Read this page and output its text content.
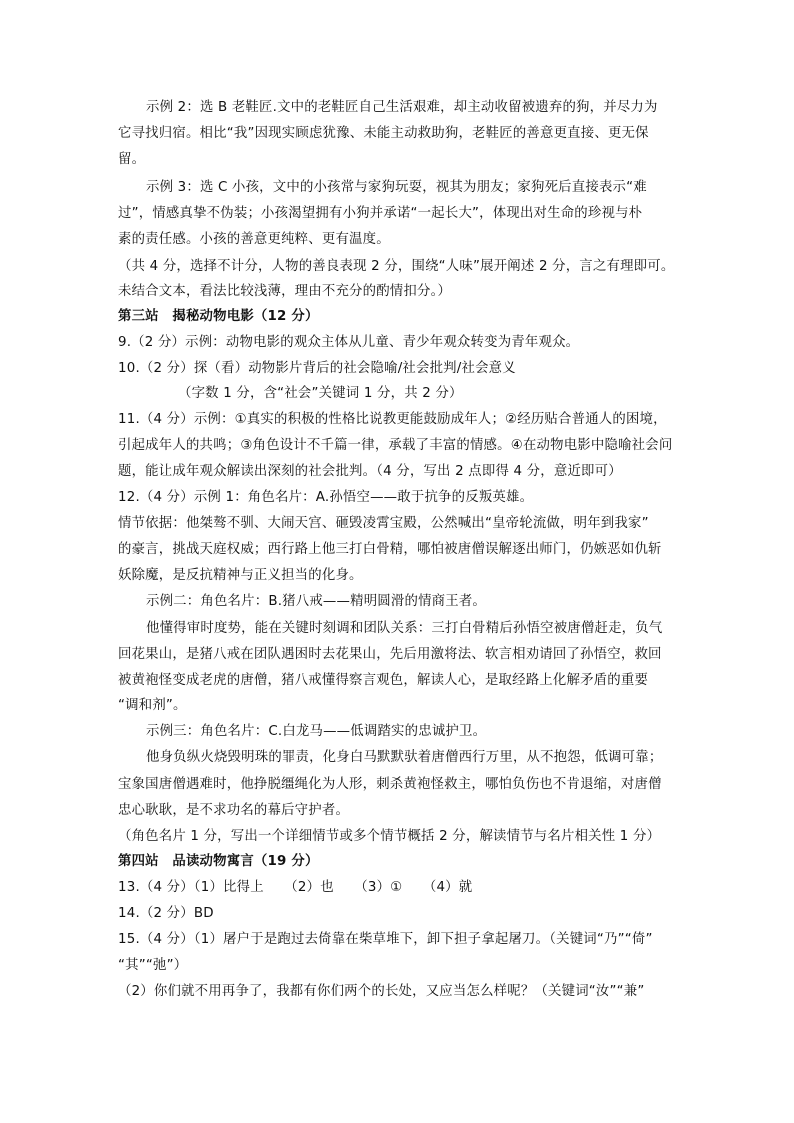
示例 2：选 B 老鞋匠.文中的老鞋匠自己生活艰难，却主动收留被遗弃的狗，并尽力为
它寻找归宿。相比“我”因现实顾虑犹豫、未能主动救助狗，老鞋匠的善意更直接、更无保
留。
示例 3：选 C 小孩，文中的小孩常与家狗玩耍，视其为朋友；家狗死后直接表示“难
过”，情感真挚不伪装；小孩渴望拥有小狗并承诺“一起长大”，体现出对生命的珍视与朴
素的责任感。小孩的善意更纯粹、更有温度。
（共 4 分，选择不计分，人物的善良表现 2 分，围绕“人味”展开阐述 2 分，言之有理即可。
未结合文本，看法比较浅薄，理由不充分的酌情扣分。）
第三站　揭秘动物电影（12 分）
9.（2 分）示例：动物电影的观众主体从儿童、青少年观众转变为青年观众。
10.（2 分）探（看）动物影片背后的社会隐喻/社会批判/社会意义
（字数 1 分，含“社会”关键词 1 分，共 2 分）
11.（4 分）示例：①真实的积极的性格比说教更能鼓励成年人；②经历贴合普通人的困境，
引起成年人的共鸣；③角色设计不千篇一律，承载了丰富的情感。④在动物电影中隐喻社会问
题，能让成年观众解读出深刻的社会批判。（4 分，写出 2 点即得 4 分，意近即可）
12.（4 分）示例 1：角色名片：A.孙悟空——敢于抗争的反叛英雄。
情节依据：他桀骜不驯、大闹天宫、砸毁凌霄宝殿，公然喊出“皇帝轮流做，明年到我家”
的豪言，挑战天庭权威；西行路上他三打白骨精，哪怕被唐僧误解逐出师门，仍嫉恶如仇斩
妖除魔，是反抗精神与正义担当的化身。
示例二：角色名片：B.猪八戒——精明圆滑的情商王者。
他懂得审时度势，能在关键时刻调和团队关系：三打白骨精后孙悟空被唐僧赶走，负气
回花果山，是猪八戒在团队遇困时去花果山，先后用激将法、软言相劝请回了孙悟空，救回
被黄袍怪变成老虎的唐僧，猪八戒懂得察言观色，解读人心，是取经路上化解矛盾的重要
“调和剂”。
示例三：角色名片：C.白龙马——低调踏实的忠诚护卫。
他身负纵火烧毁明珠的罪责，化身白马默默驮着唐僧西行万里，从不抱怨，低调可靠；
宝象国唐僧遇难时，他挣脱缰绳化为人形，刺杀黄袍怪救主，哪怕负伤也不肯退缩，对唐僧
忠心耿耿，是不求功名的幕后守护者。
（角色名片 1 分，写出一个详细情节或多个情节概括 2 分，解读情节与名片相关性 1 分）
第四站　品读动物寓言（19 分）
13.（4 分）（1）比得上　　（2）也　　（3）①　　（4）就
14.（2 分）BD
15.（4 分）（1）屠户于是跑过去倚靠在柴草堆下，卸下担子拿起屠刀。（关键词“乃”“倚”
“其”“弛”）
（2）你们就不用再争了，我都有你们两个的长处，又应当怎么样呢？（关键词“汝”“兼”
